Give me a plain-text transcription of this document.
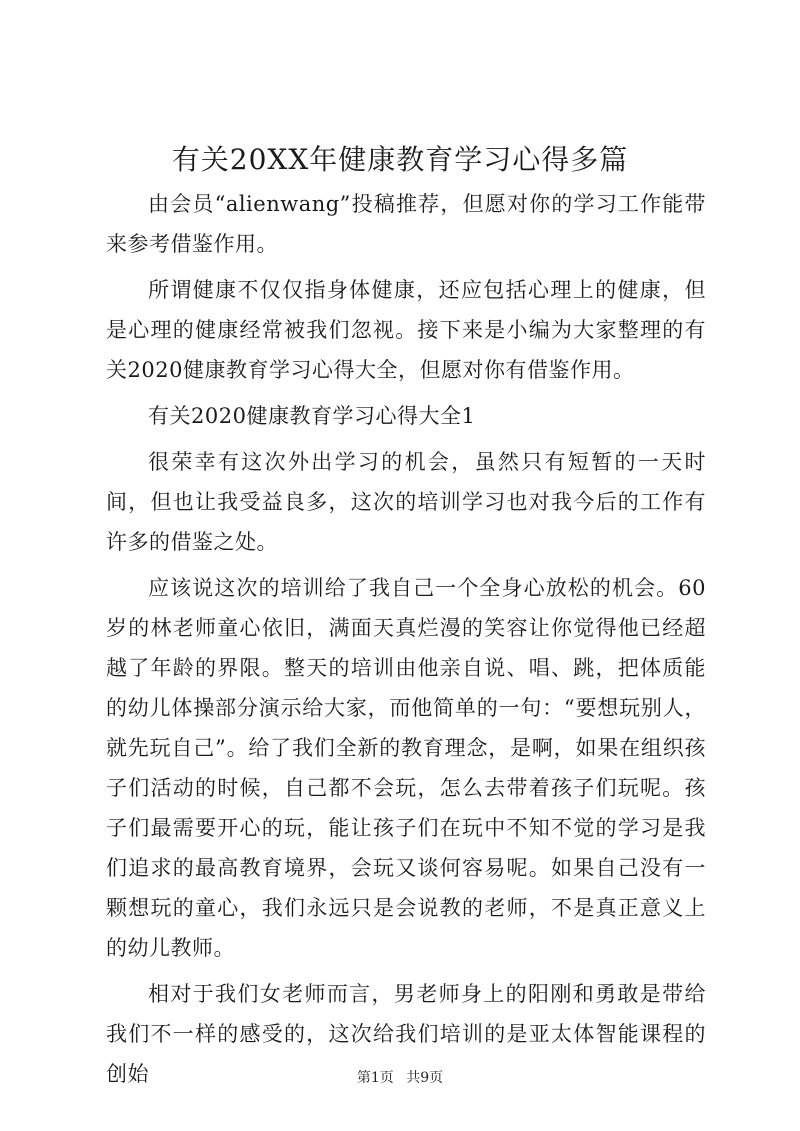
有关20XX年健康教育学习心得多篇

由会员“alienwang”投稿推荐，但愿对你的学习工作能带来参考借鉴作用。

所谓健康不仅仅指身体健康，还应包括心理上的健康，但是心理的健康经常被我们忽视。接下来是小编为大家整理的有关2020健康教育学习心得大全，但愿对你有借鉴作用。

有关2020健康教育学习心得大全1

很荣幸有这次外出学习的机会，虽然只有短暂的一天时间，但也让我受益良多，这次的培训学习也对我今后的工作有许多的借鉴之处。

应该说这次的培训给了我自己一个全身心放松的机会。60岁的林老师童心依旧，满面天真烂漫的笑容让你觉得他已经超越了年龄的界限。整天的培训由他亲自说、唱、跳，把体质能的幼儿体操部分演示给大家，而他简单的一句：“要想玩别人，就先玩自己”。给了我们全新的教育理念，是啊，如果在组织孩子们活动的时候，自己都不会玩，怎么去带着孩子们玩呢。孩子们最需要开心的玩，能让孩子们在玩中不知不觉的学习是我们追求的最高教育境界，会玩又谈何容易呢。如果自己没有一颗想玩的童心，我们永远只是会说教的老师，不是真正意义上的幼儿教师。

相对于我们女老师而言，男老师身上的阳刚和勇敢是带给我们不一样的感受的，这次给我们培训的是亚太体智能课程的创始	第1页 共9页
